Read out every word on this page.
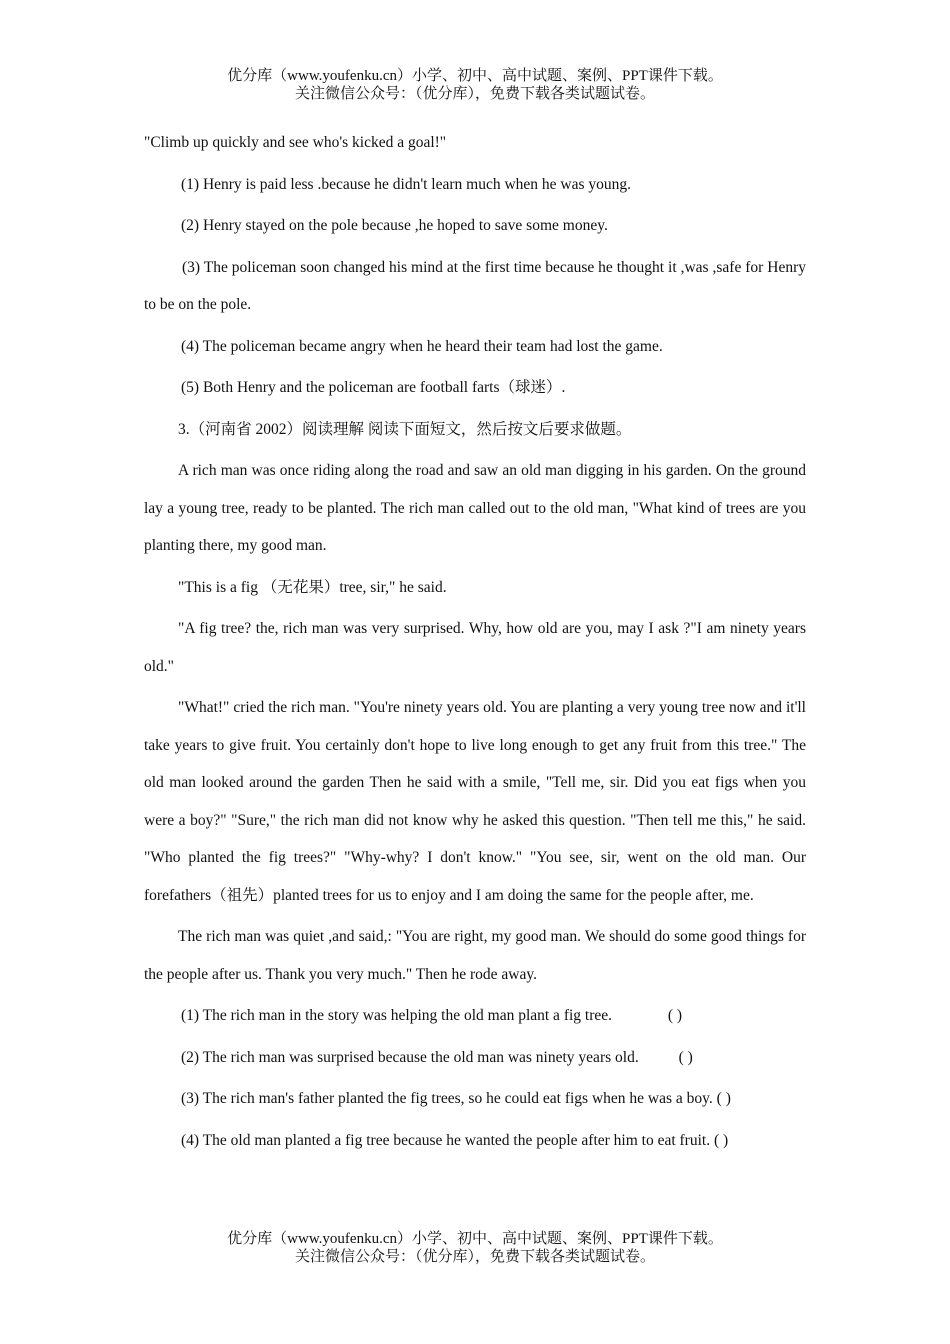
优分库（www.youfenku.cn）小学、初中、高中试题、案例、PPT课件下载。
关注微信公众号：（优分库），免费下载各类试题试卷。
"Climb up quickly and see who's kicked a goal!"
(1) Henry is paid less .because he didn't learn much when he was young.
(2) Henry stayed on the pole because ,he hoped to save some money.
(3) The policeman soon changed his mind at the first time because he thought it ,was ,safe for Henry to be on the pole.
(4) The policeman became angry when he heard their team had lost the game.
(5) Both Henry and the policeman are football farts（球迷）.
3.（河南省 2002）阅读理解 阅读下面短文，然后按文后要求做题。
A rich man was once riding along the road and saw an old man digging in his garden. On the ground lay a young tree, ready to be planted. The rich man called out to the old man, "What kind of trees are you planting there, my good man.
"This is a fig （无花果）tree, sir," he said.
"A fig tree? the, rich man was very surprised. Why, how old are you, may I ask ?"I am ninety years old."
"What!" cried the rich man. "You're ninety years old. You are planting a very young tree now and it'll take years to give fruit. You certainly don't hope to live long enough to get any fruit from this tree." The old man looked around the garden Then he said with a smile, "Tell me, sir. Did you eat figs when you were a boy?" "Sure," the rich man did not know why he asked this question. "Then tell me this," he said. "Who planted the fig trees?" "Why-why? I don't know." "You see, sir, went on the old man. Our forefathers（祖先）planted trees for us to enjoy and I am doing the same for the people after, me.
The rich man was quiet ,and said,: "You are right, my good man. We should do some good things for the people after us. Thank you very much." Then he rode away.
(1) The rich man in the story was helping the old man plant a fig tree.	( )
(2) The rich man was surprised because the old man was ninety years old.	( )
(3) The rich man's father planted the fig trees, so he could eat figs when he was a boy. ( )
(4) The old man planted a fig tree because he wanted the people after him to eat fruit. ( )
优分库（www.youfenku.cn）小学、初中、高中试题、案例、PPT课件下载。
关注微信公众号：（优分库），免费下载各类试题试卷。
